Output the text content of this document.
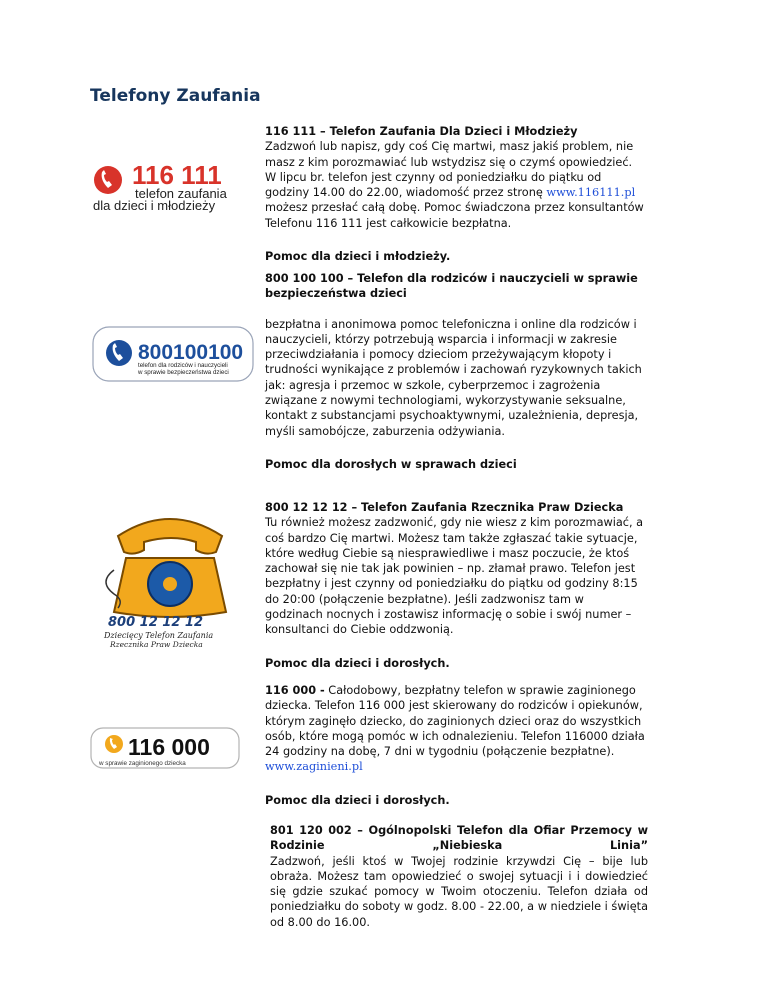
Telefony Zaufania
116 111
telefon zaufania
dla dzieci i młodzieży

116 111 – Telefon Zaufania Dla Dzieci i Młodzieży

Zadzwoń lub napisz, gdy coś Cię martwi, masz jakiś problem, nie masz z kim porozmawiać lub wstydzisz się o czymś opowiedzieć. W lipcu br. telefon jest czynny od poniedziałku do piątku od godziny 14.00 do 22.00, wiadomość przez stronę www.116111.pl możesz przesłać całą dobę. Pomoc świadczona przez konsultantów Telefonu 116 111 jest całkowicie bezpłatna.

Pomoc dla dzieci i młodzieży.

800100100
telefon dla rodziców i nauczycieli
w sprawie bezpieczeństwa dzieci

800 100 100 – Telefon dla rodziców i nauczycieli w sprawie bezpieczeństwa dzieci

bezpłatna i anonimowa pomoc telefoniczna i online dla rodziców i nauczycieli, którzy potrzebują wsparcia i informacji w zakresie przeciwdziałania i pomocy dzieciom przeżywającym kłopoty i trudności wynikające z problemów i zachowań ryzykownych takich jak: agresja i przemoc w szkole, cyberprzemoc i zagrożenia związane z nowymi technologiami, wykorzystywanie seksualne, kontakt z substancjami psychoaktywnymi, uzależnienia, depresja, myśli samobójcze, zaburzenia odżywiania.

Pomoc dla dorosłych w sprawach dzieci

800 12 12 12
Dziecięcy Telefon Zaufania
Rzecznika Praw Dziecka

800 12 12 12 – Telefon Zaufania Rzecznika Praw Dziecka

Tu również możesz zadzwonić, gdy nie wiesz z kim porozmawiać, a coś bardzo Cię martwi. Możesz tam także zgłaszać takie sytuacje, które według Ciebie są niesprawiedliwe i masz poczucie, że ktoś zachował się nie tak jak powinien – np. złamał prawo. Telefon jest bezpłatny i jest czynny od poniedziałku do piątku od godziny 8:15 do 20:00 (połączenie bezpłatne). Jeśli zadzwonisz tam w godzinach nocnych i zostawisz informację o sobie i swój numer – konsultanci do Ciebie oddzwonią.

Pomoc dla dzieci i dorosłych.

116 000
w sprawie zaginionego dziecka

116 000 - Całodobowy, bezpłatny telefon w sprawie zaginionego dziecka. Telefon 116 000 jest skierowany do rodziców i opiekunów, którym zaginęło dziecko, do zaginionych dzieci oraz do wszystkich osób, które mogą pomóc w ich odnalezieniu. Telefon 116000 działa 24 godziny na dobę, 7 dni w tygodniu (połączenie bezpłatne).
www.zaginieni.pl

Pomoc dla dzieci i dorosłych.

801 120 002 – Ogólnopolski Telefon dla Ofiar Przemocy w Rodzinie „Niebieska Linia”

Zadzwoń, jeśli ktoś w Twojej rodzinie krzywdzi Cię – bije lub obraża. Możesz tam opowiedzieć o swojej sytuacji i i dowiedzieć się gdzie szukać pomocy w Twoim otoczeniu. Telefon działa od poniedziałku do soboty w godz. 8.00 - 22.00, a w niedziele i święta od 8.00 do 16.00.
